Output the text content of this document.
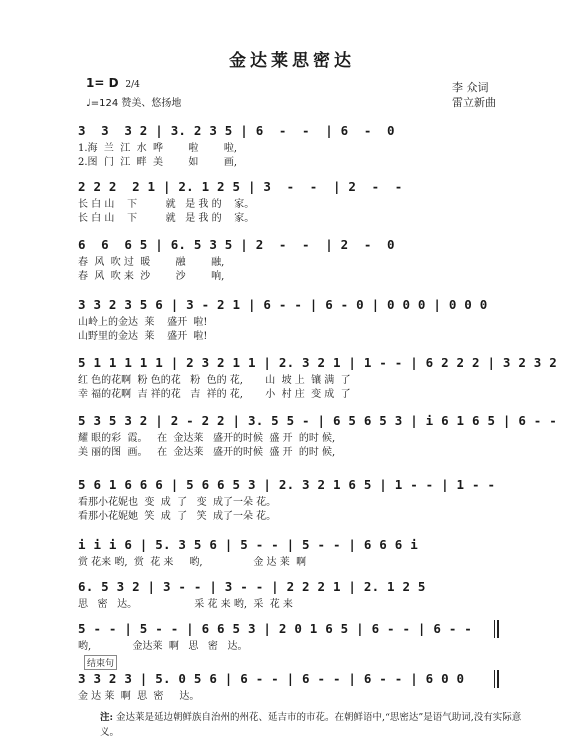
金达莱思密达
1= D 2/4
♩=124 赞美、悠扬地
李 众词
雷立新曲
3  3  3 2 | 3. 2 3 5 | 6  -  -  | 6  -  0
1.海  兰  江  水  哗        啦        啦,
2.图  门  江  畔  美        如        画,
2 2 2  2 1 | 2. 1 2 5 | 3  -  -  | 2  -  -
长 白 山    下         就   是 我 的    家。
长 白 山    下         就   是 我 的    家。
6  6  6 5 | 6. 5 3 5 | 2  -  -  | 2  -  0
春  风  吹 过  暖        融        融,
春  风  吹 来  沙        沙        响,
3 3 2 3 5 6 | 3 - 2 1 | 6 - - | 6 - 0 | 0 0 0 | 0 0 0
山岭上的金达  莱    盛开  啦!
山野里的金达  莱    盛开  啦!
5 1 1 1 1 1 | 2 3 2 1 1 | 2. 3 2 1 | 1 - - | 6 2 2 2 | 3 2 3 2
红 色的花啊  粉 色的花   粉  色的 花,       山  坡 上  镶 满  了
幸 福的花啊  吉 祥的花   吉  祥的 花,       小  村 庄  变 成  了
5 3 5 3 2 | 2 - 2 2 | 3. 5 5 - | 6 5 6 5 3 | i 6 1 6 5 | 6 - -
耀 眼的彩  霞。   在  金达莱   盛开的时候  盛 开  的时 候,
美 丽的图  画。   在  金达莱   盛开的时候  盛 开  的时 候,
5 6 1 6 6 6 | 5 6 6 5 3 | 2. 3 2 1 6 5 | 1 - - | 1 - -
看那小花妮也  变  成  了   变  成了一朵 花。
看那小花妮她  笑  成  了   笑  成了一朵 花。
i i i 6 | 5. 3 5 6 | 5 - - | 5 - - | 6 6 6 i
赏 花来 哟,  赏  花 来     哟,                金 达 莱  啊
6. 5 3 2 | 3 - - | 3 - - | 2 2 2 1 | 2. 1 2 5
思   密   达。                  采 花 来 哟,  采  花 来
5 - - | 5 - - | 6 6 5 3 | 2 0 1 6 5 | 6 - - | 6 - -
哟,             金达莱  啊   思   密   达。
结束句
3 3 2 3 | 5. 0 5 6 | 6 - - | 6 - - | 6 - - | 6 0 0
金 达 莱  啊  思  密     达。
注: 金达莱是延边朝鲜族自治州的州花、延吉市的市花。在朝鲜语中,“思密达”是语气助词,没有实际意义。
